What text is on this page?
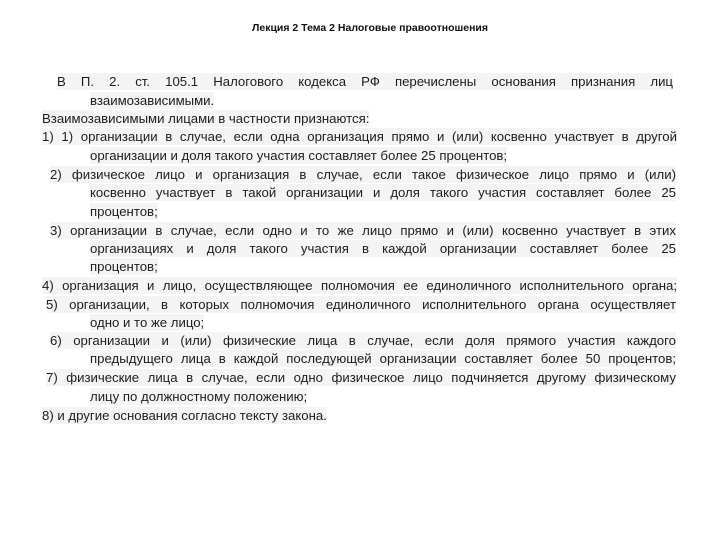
Лекция 2 Тема 2 Налоговые правоотношения
В П. 2. ст. 105.1 Налогового кодекса РФ перечислены основания признания лиц
взаимозависимыми.
Взаимозависимыми лицами в частности признаются:
1) 1) организации в случае, если одна организация прямо и (или) косвенно участвует в другой
организации и доля такого участия составляет более 25 процентов;
2) физическое лицо и организация в случае, если такое физическое лицо прямо и (или)
косвенно участвует в такой организации и доля такого участия составляет более 25
процентов;
3) организации в случае, если одно и то же лицо прямо и (или) косвенно участвует в этих
организациях и доля такого участия в каждой организации составляет более 25
процентов;
4) организация и лицо, осуществляющее полномочия ее единоличного исполнительного органа;
5) организации, в которых полномочия единоличного исполнительного органа осуществляет
одно и то же лицо;
6) организации и (или) физические лица в случае, если доля прямого участия каждого
предыдущего лица в каждой последующей организации составляет более 50 процентов;
7) физические лица в случае, если одно физическое лицо подчиняется другому физическому
лицу по должностному положению;
8) и другие основания согласно тексту закона.
